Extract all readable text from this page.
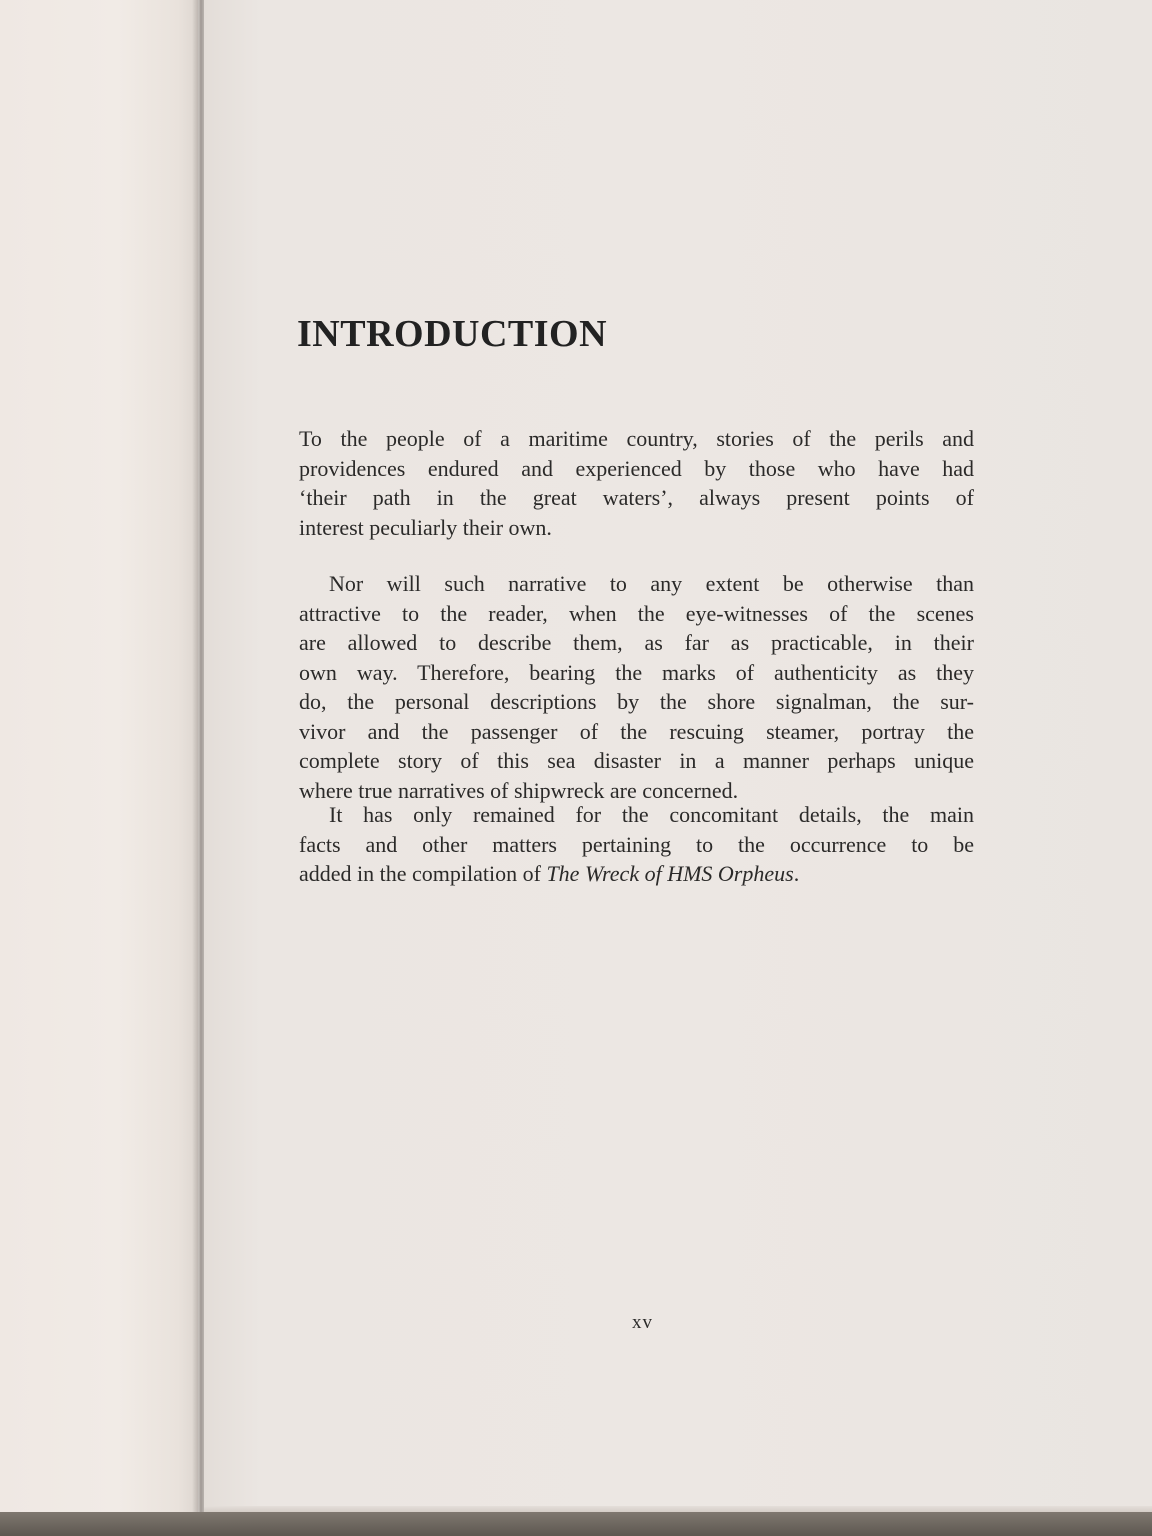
INTRODUCTION
To the people of a maritime country, stories of the perils and
providences endured and experienced by those who have had
‘their path in the great waters’, always present points of
interest peculiarly their own.
Nor will such narrative to any extent be otherwise than
attractive to the reader, when the eye-witnesses of the scenes
are allowed to describe them, as far as practicable, in their
own way. Therefore, bearing the marks of authenticity as they
do, the personal descriptions by the shore signalman, the sur-
vivor and the passenger of the rescuing steamer, portray the
complete story of this sea disaster in a manner perhaps unique
where true narratives of shipwreck are concerned.
It has only remained for the concomitant details, the main
facts and other matters pertaining to the occurrence to be
added in the compilation of The Wreck of HMS Orpheus.
xv
